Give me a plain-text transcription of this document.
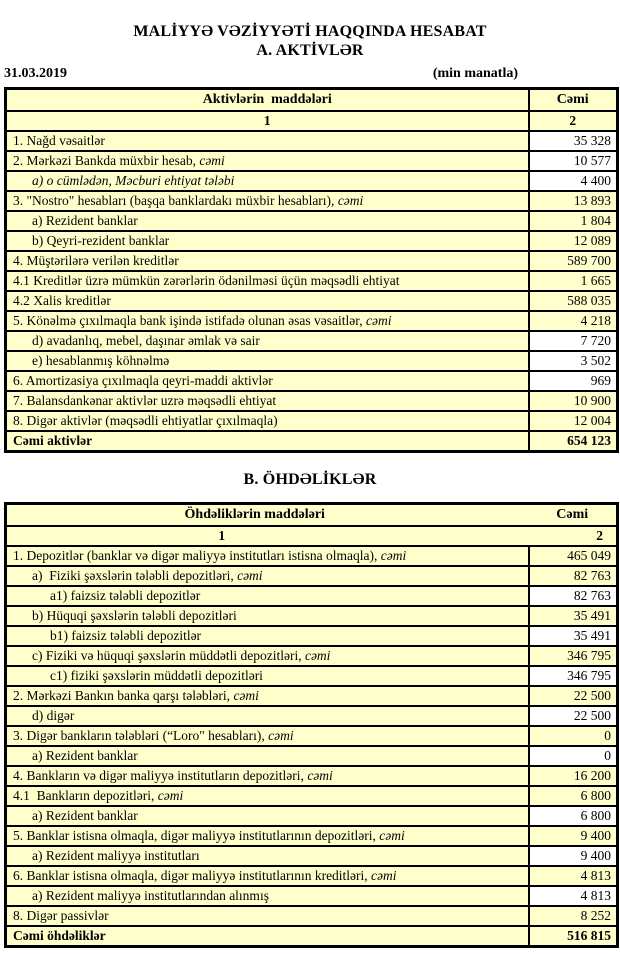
MALİYYƏ VƏZİYYƏTİ HAQQINDA HESABAT
A. AKTİVLƏR
31.03.2019	(min manatla)
Aktivlərin  maddələri	Cəmi
1	2
1. Nağd vəsaitlər	35 328
2. Mərkəzi Bankda müxbir hesab, cəmi	10 577
a) o cümlədən, Məcburi ehtiyat tələbi	4 400
3. "Nostro" hesabları (başqa banklardakı müxbir hesabları), cəmi	13 893
a) Rezident banklar	1 804
b) Qeyri-rezident banklar	12 089
4. Müştərilərə verilən kreditlər	589 700
4.1 Kreditlər üzrə mümkün zərərlərin ödənilməsi üçün məqsədli ehtiyat	1 665
4.2 Xalis kreditlər	588 035
5. Könəlmə çıxılmaqla bank işində istifadə olunan əsas vəsaitlər, cəmi	4 218
d) avadanlıq, mebel, daşınar əmlak və sair	7 720
e) hesablanmış köhnəlmə	3 502
6. Amortizasiya çıxılmaqla qeyri-maddi aktivlər	969
7. Balansdankənar aktivlər uzrə məqsədli ehtiyat	10 900
8. Digər aktivlər (məqsədli ehtiyatlar çıxılmaqla)	12 004
Cəmi aktivlər	654 123
B. ÖHDƏLİKLƏR
Öhdəliklərin maddələri	Cəmi
1	2
1. Depozitlər (banklar və digər maliyyə institutları istisna olmaqla), cəmi	465 049
a)  Fiziki şəxslərin tələbli depozitləri, cəmi	82 763
a1) faizsiz tələbli depozitlər	82 763
b) Hüquqi şəxslərin tələbli depozitləri	35 491
b1) faizsiz tələbli depozitlər	35 491
c) Fiziki və hüquqi şəxslərin müddətli depozitləri, cəmi	346 795
c1) fiziki şəxslərin müddətli depozitləri	346 795
2. Mərkəzi Bankın banka qarşı tələbləri, cəmi	22 500
d) digər	22 500
3. Digər bankların tələbləri (“Loro" hesabları), cəmi	0
a) Rezident banklar	0
4. Bankların və digər maliyyə institutların depozitləri, cəmi	16 200
4.1  Bankların depozitləri, cəmi	6 800
a) Rezident banklar	6 800
5. Banklar istisna olmaqla, digər maliyyə institutlarının depozitləri, cəmi	9 400
a) Rezident maliyyə institutları	9 400
6. Banklar istisna olmaqla, digər maliyyə institutlarının kreditləri, cəmi	4 813
a) Rezident maliyyə institutlarından alınmış	4 813
8. Digər passivlər	8 252
Cəmi öhdəliklər	516 815
